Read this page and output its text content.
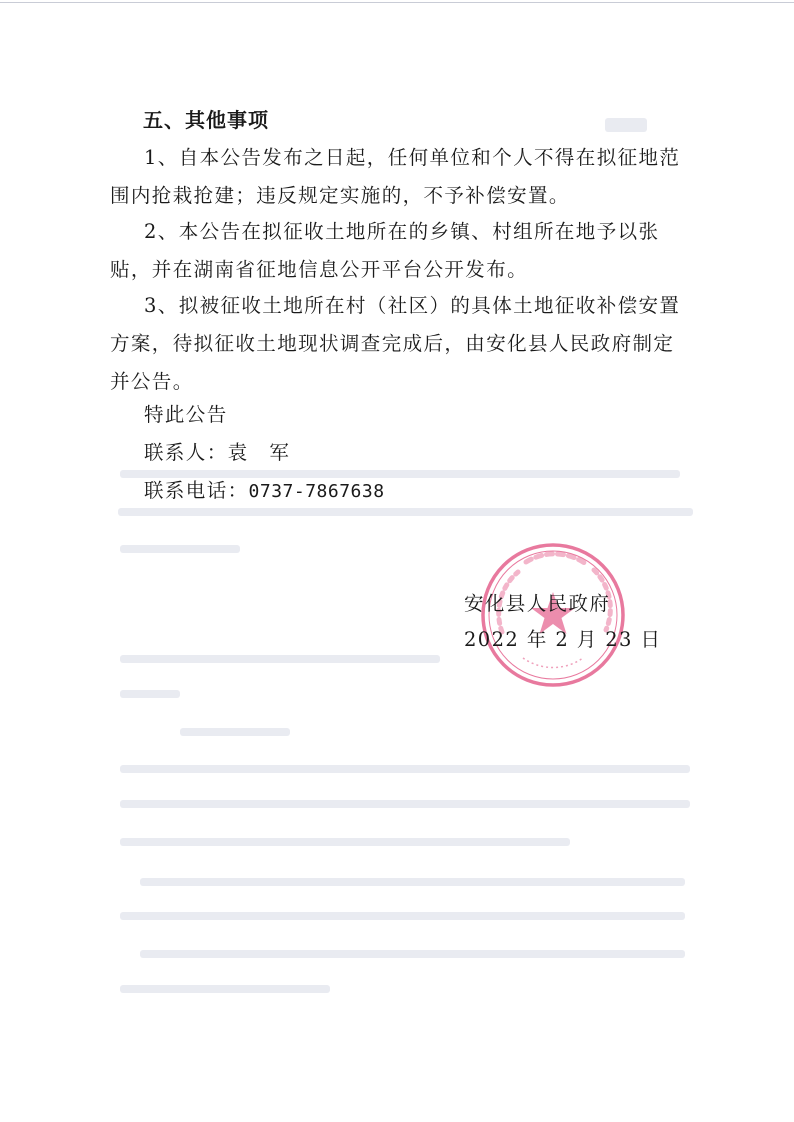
五、其他事项

1、自本公告发布之日起，任何单位和个人不得在拟征地范围内抢栽抢建；违反规定实施的，不予补偿安置。

2、本公告在拟征收土地所在的乡镇、村组所在地予以张贴，并在湖南省征地信息公开平台公开发布。

3、拟被征收土地所在村（社区）的具体土地征收补偿安置方案，待拟征收土地现状调查完成后，由安化县人民政府制定并公告。

特此公告
联系人：袁　军
联系电话：0737-7867638
安化县人民政府
2022 年 2 月 23 日
